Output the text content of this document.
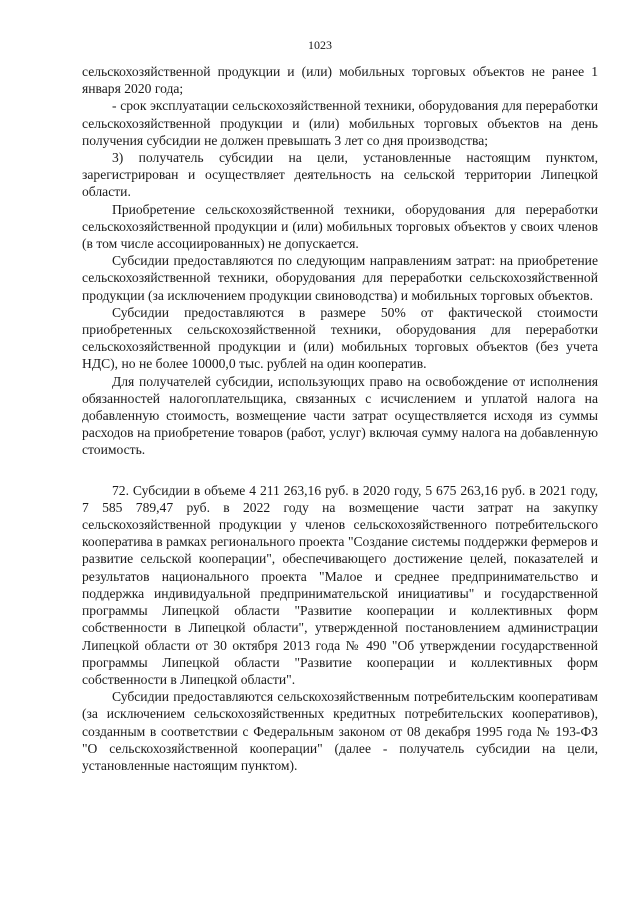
1023

сельскохозяйственной продукции и (или) мобильных торговых объектов не ранее 1 января 2020 года;

- срок эксплуатации сельскохозяйственной техники, оборудования для переработки сельскохозяйственной продукции и (или) мобильных торговых объектов на день получения субсидии не должен превышать 3 лет со дня производства;

3) получатель субсидии на цели, установленные настоящим пунктом, зарегистрирован и осуществляет деятельность на сельской территории Липецкой области.

Приобретение сельскохозяйственной техники, оборудования для переработки сельскохозяйственной продукции и (или) мобильных торговых объектов у своих членов (в том числе ассоциированных) не допускается.

Субсидии предоставляются по следующим направлениям затрат: на приобретение сельскохозяйственной техники, оборудования для переработки сельскохозяйственной продукции (за исключением продукции свиноводства) и мобильных торговых объектов.

Субсидии предоставляются в размере 50% от фактической стоимости приобретенных сельскохозяйственной техники, оборудования для переработки сельскохозяйственной продукции и (или) мобильных торговых объектов (без учета НДС), но не более 10000,0 тыс. рублей на один кооператив.

Для получателей субсидии, использующих право на освобождение от исполнения обязанностей налогоплательщика, связанных с исчислением и уплатой налога на добавленную стоимость, возмещение части затрат осуществляется исходя из суммы расходов на приобретение товаров (работ, услуг) включая сумму налога на добавленную стоимость.

72. Субсидии в объеме 4 211 263,16 руб. в 2020 году, 5 675 263,16 руб. в 2021 году, 7 585 789,47 руб. в 2022 году на возмещение части затрат на закупку сельскохозяйственной продукции у членов сельскохозяйственного потребительского кооператива в рамках регионального проекта "Создание системы поддержки фермеров и развитие сельской кооперации", обеспечивающего достижение целей, показателей и результатов национального проекта "Малое и среднее предпринимательство и поддержка индивидуальной предпринимательской инициативы" и государственной программы Липецкой области "Развитие кооперации и коллективных форм собственности в Липецкой области", утвержденной постановлением администрации Липецкой области от 30 октября 2013 года № 490 "Об утверждении государственной программы Липецкой области "Развитие кооперации и коллективных форм собственности в Липецкой области".

Субсидии предоставляются сельскохозяйственным потребительским кооперативам (за исключением сельскохозяйственных кредитных потребительских кооперативов), созданным в соответствии с Федеральным законом от 08 декабря 1995 года № 193-ФЗ "О сельскохозяйственной кооперации" (далее - получатель субсидии на цели, установленные настоящим пунктом).
